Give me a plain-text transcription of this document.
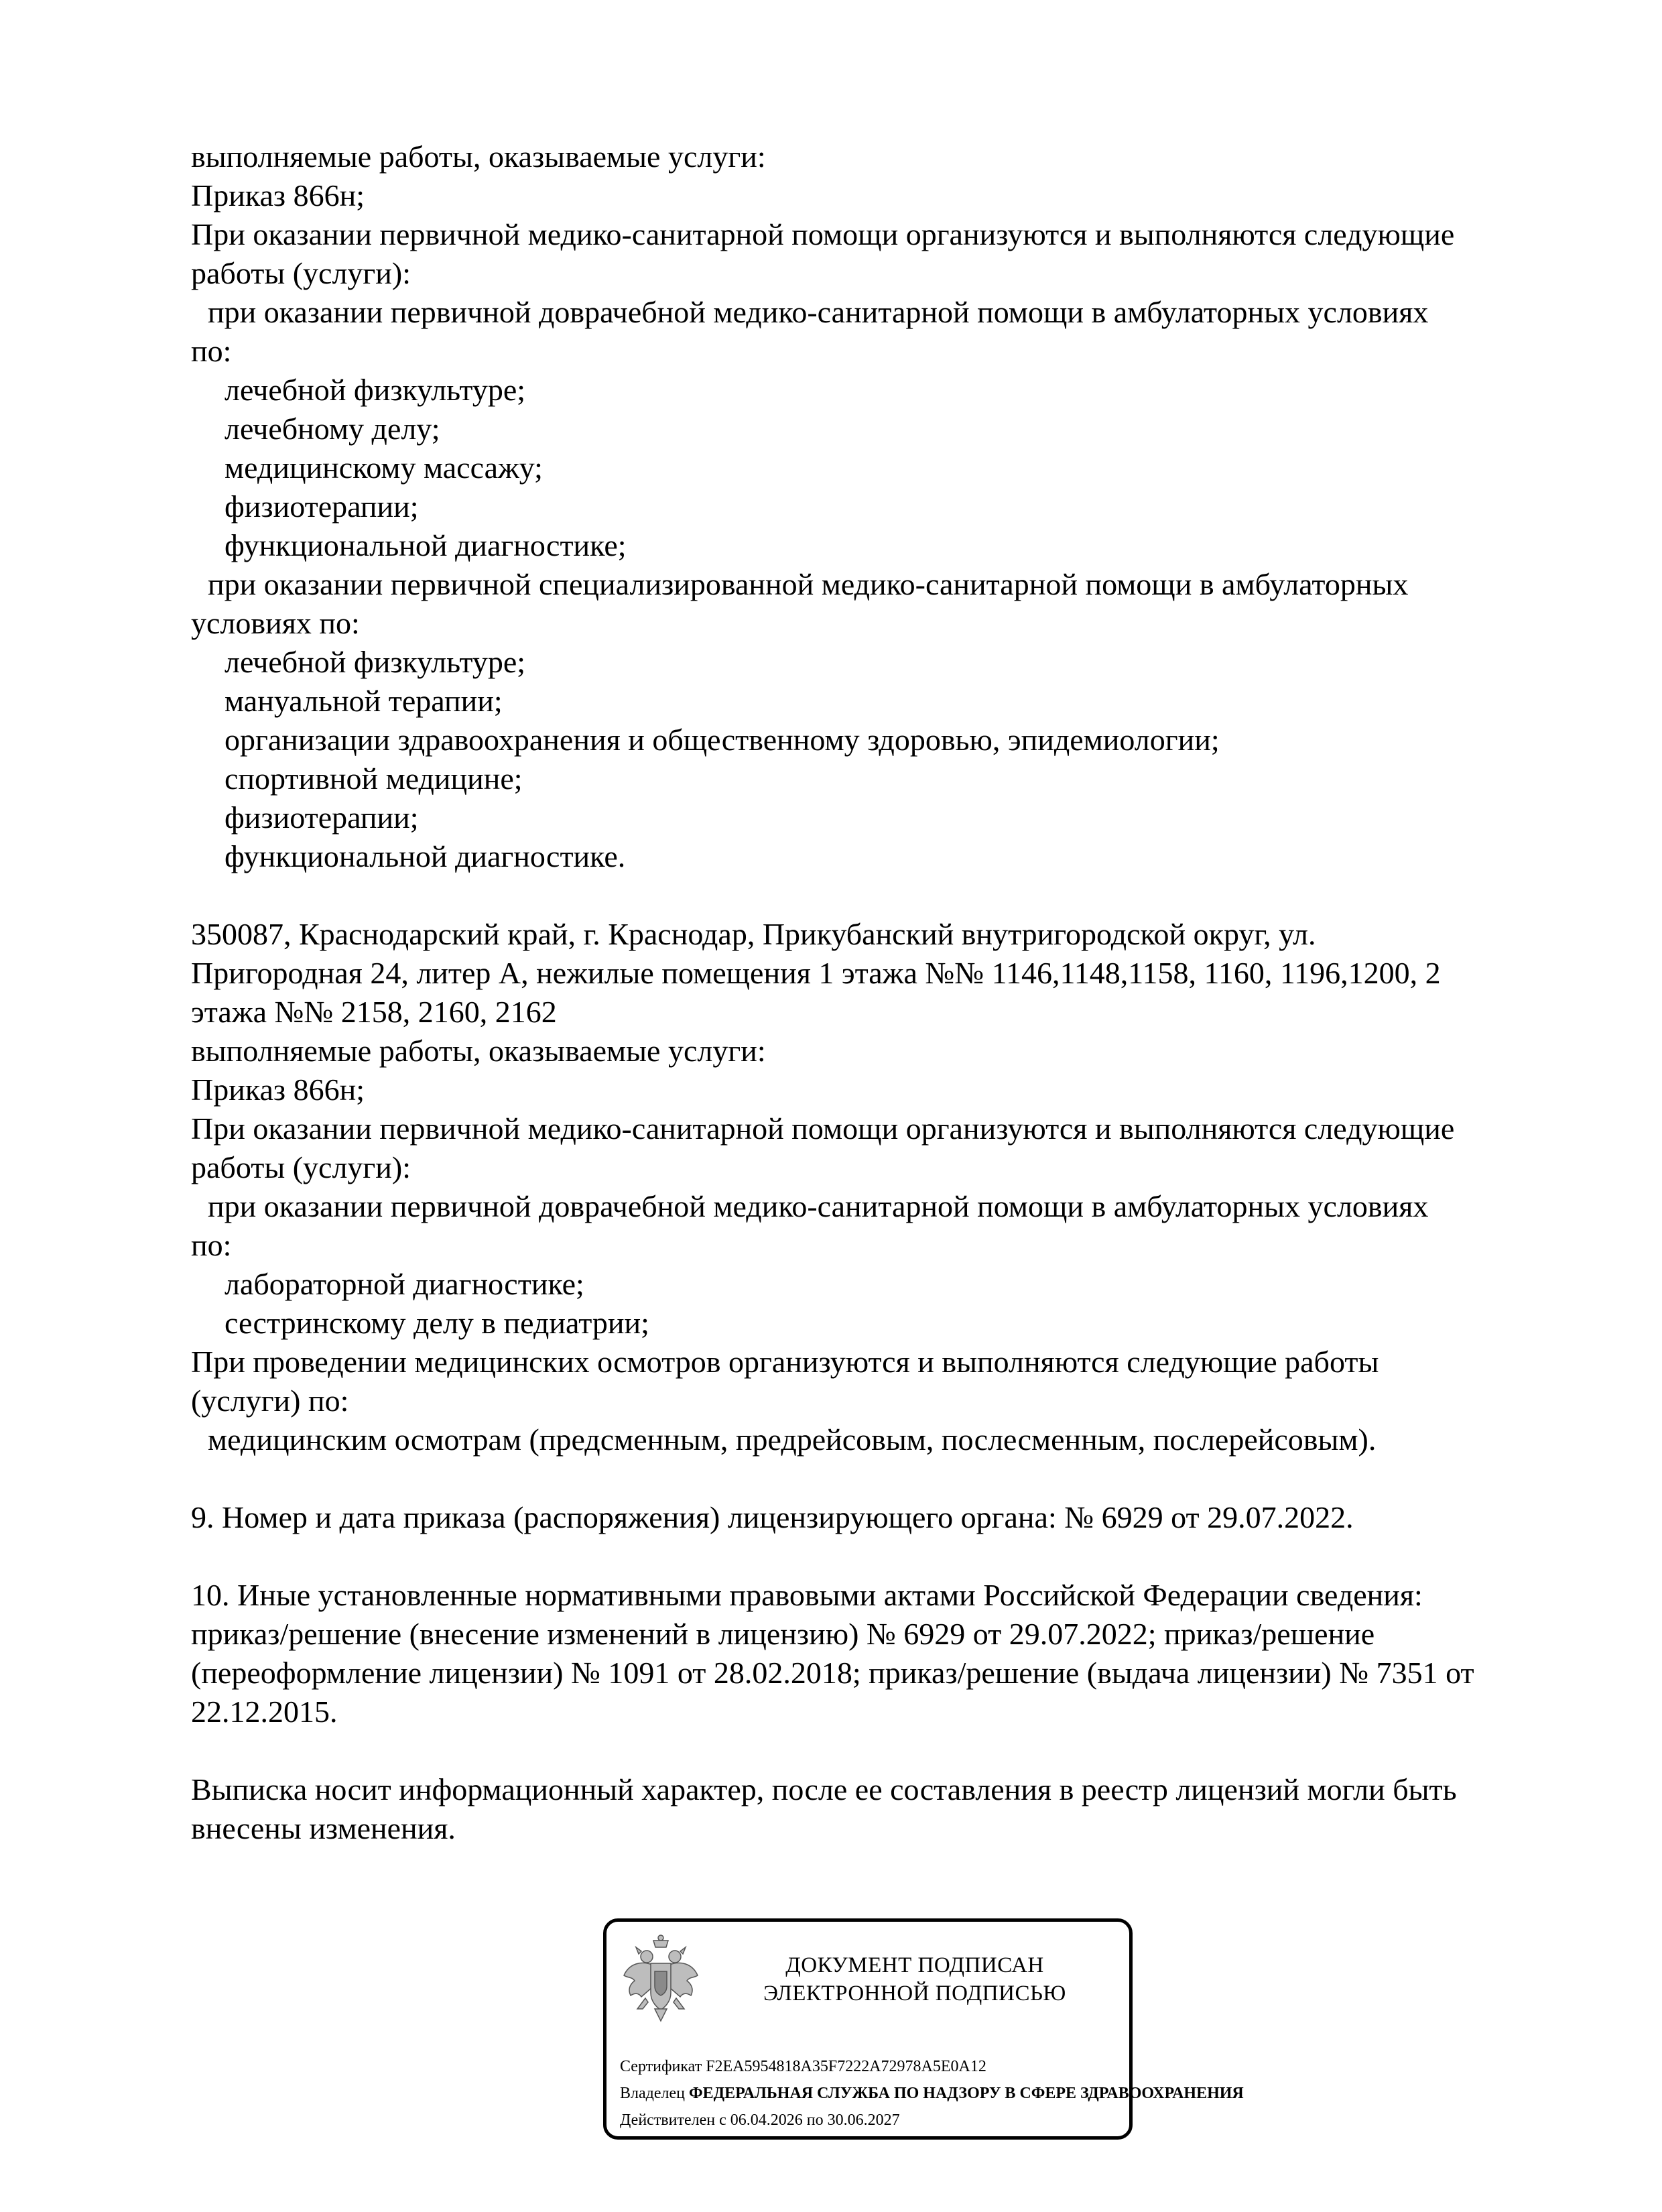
выполняемые работы, оказываемые услуги:
Приказ 866н;
При оказании первичной медико-санитарной помощи организуются и выполняются следующие
работы (услуги):
при оказании первичной доврачебной медико-санитарной помощи в амбулаторных условиях
по:
лечебной физкультуре;
лечебному делу;
медицинскому массажу;
физиотерапии;
функциональной диагностике;
при оказании первичной специализированной медико-санитарной помощи в амбулаторных
условиях по:
лечебной физкультуре;
мануальной терапии;
организации здравоохранения и общественному здоровью, эпидемиологии;
спортивной медицине;
физиотерапии;
функциональной диагностике.
350087, Краснодарский край, г. Краснодар, Прикубанский внутригородской округ, ул.
Пригородная 24, литер А, нежилые помещения 1 этажа №№ 1146,1148,1158, 1160, 1196,1200, 2
этажа №№ 2158, 2160, 2162
выполняемые работы, оказываемые услуги:
Приказ 866н;
При оказании первичной медико-санитарной помощи организуются и выполняются следующие
работы (услуги):
при оказании первичной доврачебной медико-санитарной помощи в амбулаторных условиях
по:
лабораторной диагностике;
сестринскому делу в педиатрии;
При проведении медицинских осмотров организуются и выполняются следующие работы
(услуги) по:
медицинским осмотрам (предсменным, предрейсовым, послесменным, послерейсовым).
9. Номер и дата приказа (распоряжения) лицензирующего органа: № 6929 от 29.07.2022.
10. Иные установленные нормативными правовыми актами Российской Федерации сведения:
приказ/решение (внесение изменений в лицензию) № 6929 от 29.07.2022; приказ/решение
(переоформление лицензии) № 1091 от 28.02.2018; приказ/решение (выдача лицензии) № 7351 от
22.12.2015.
Выписка носит информационный характер, после ее составления в реестр лицензий могли быть
внесены изменения.
ДОКУМЕНТ ПОДПИСАН
ЭЛЕКТРОННОЙ ПОДПИСЬЮ
Сертификат F2EA5954818A35F7222A72978A5E0A12
Владелец ФЕДЕРАЛЬНАЯ СЛУЖБА ПО НАДЗОРУ В СФЕРЕ ЗДРАВООХРАНЕНИЯ
Действителен с 06.04.2026 по 30.06.2027
